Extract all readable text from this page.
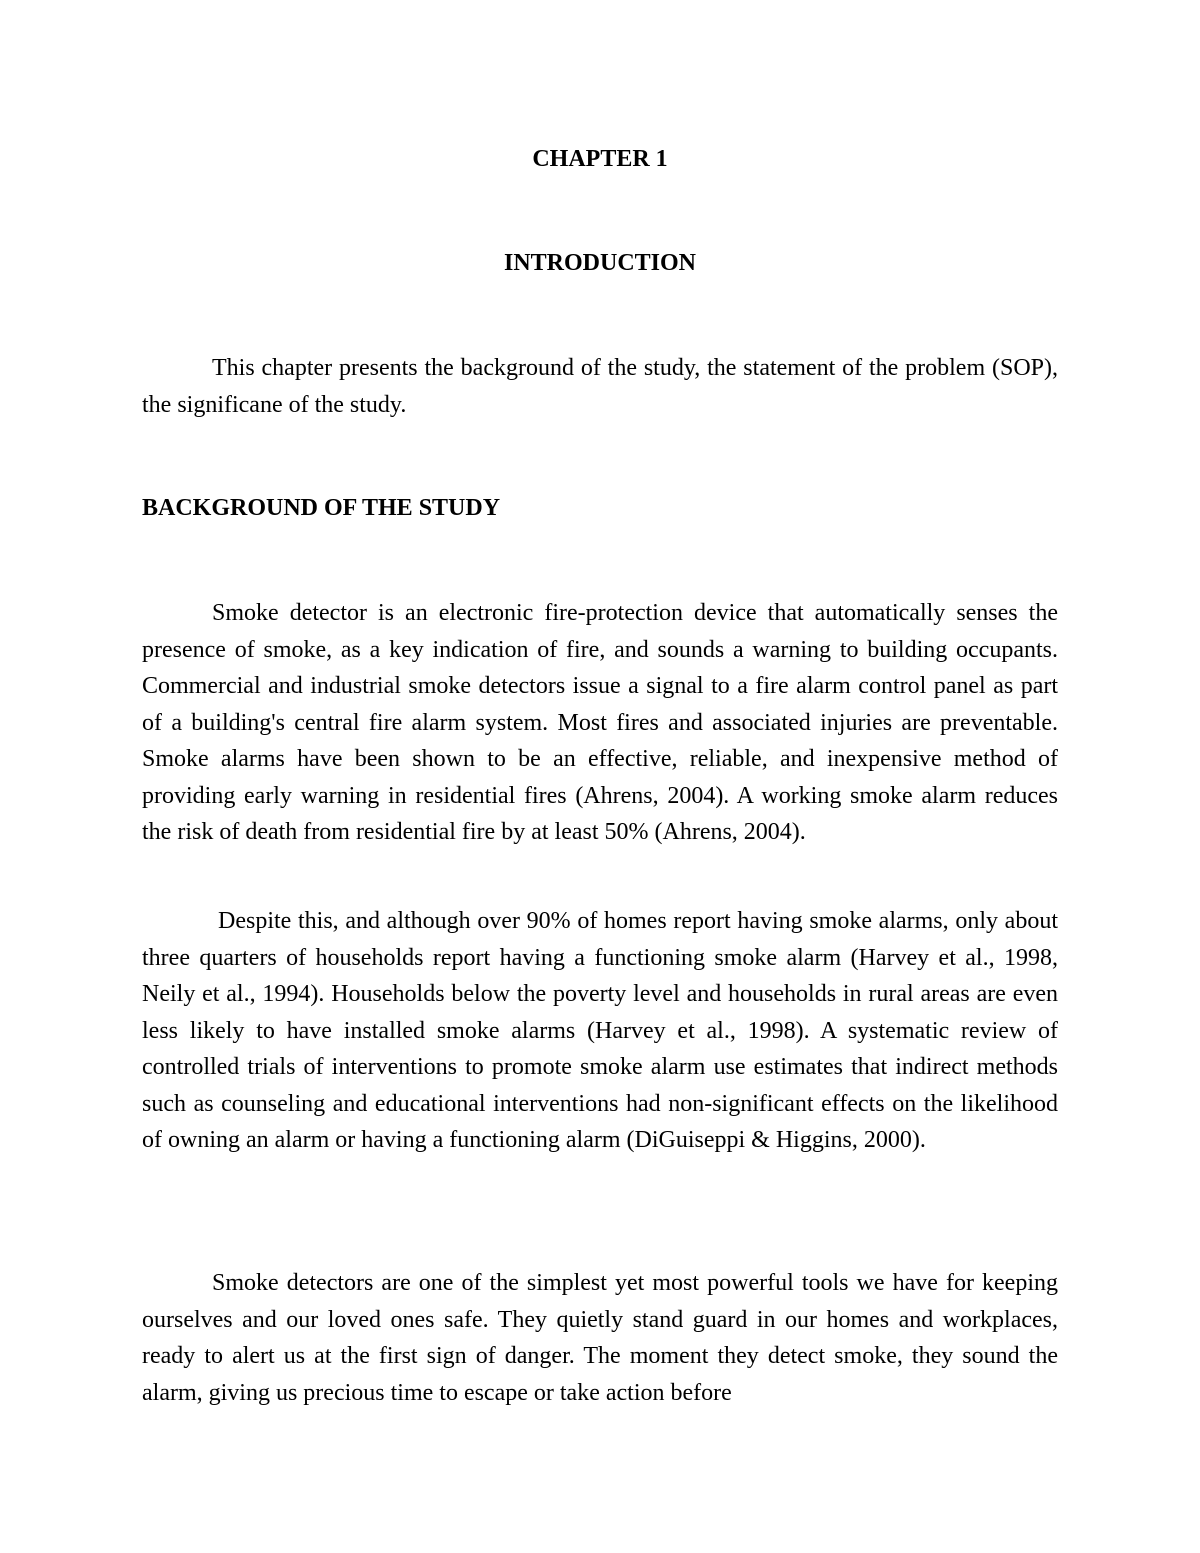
CHAPTER 1
INTRODUCTION

This chapter presents the background of the study, the statement of the problem (SOP), the significane of the study.

BACKGROUND OF THE STUDY

Smoke detector is an electronic fire-protection device that automatically senses the presence of smoke, as a key indication of fire, and sounds a warning to building occupants. Commercial and industrial smoke detectors issue a signal to a fire alarm control panel as part of a building's central fire alarm system. Most fires and associated injuries are preventable. Smoke alarms have been shown to be an effective, reliable, and inexpensive method of providing early warning in residential fires (Ahrens, 2004). A working smoke alarm reduces the risk of death from residential fire by at least 50% (Ahrens, 2004).

Despite this, and although over 90% of homes report having smoke alarms, only about three quarters of households report having a functioning smoke alarm (Harvey et al., 1998, Neily et al., 1994). Households below the poverty level and households in rural areas are even less likely to have installed smoke alarms (Harvey et al., 1998). A systematic review of controlled trials of interventions to promote smoke alarm use estimates that indirect methods such as counseling and educational interventions had non-significant effects on the likelihood of owning an alarm or having a functioning alarm (DiGuiseppi & Higgins, 2000).

Smoke detectors are one of the simplest yet most powerful tools we have for keeping ourselves and our loved ones safe. They quietly stand guard in our homes and workplaces, ready to alert us at the first sign of danger. The moment they detect smoke, they sound the alarm, giving us precious time to escape or take action before
